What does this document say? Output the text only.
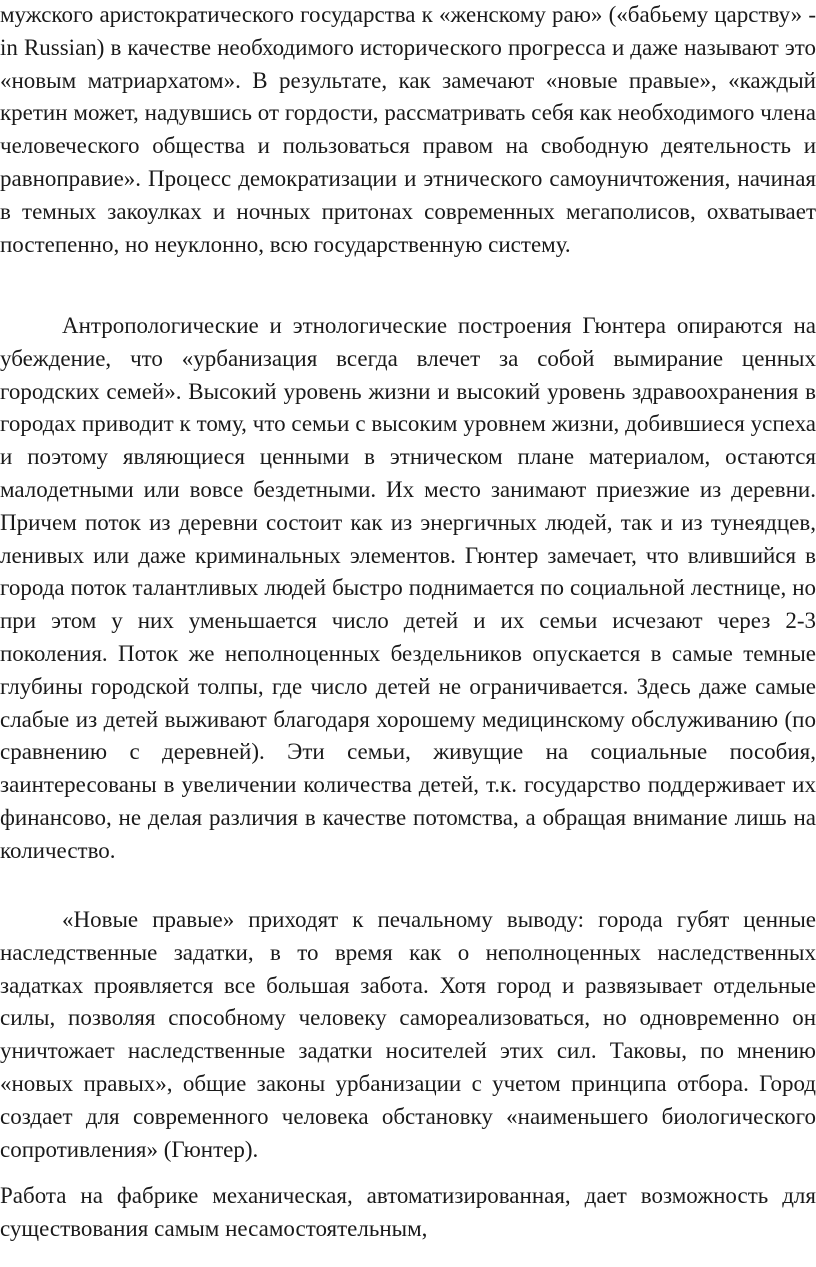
мужского аристократического государства к «женскому раю» («бабьему царству» - in Russian) в качестве необходимого исторического прогресса и даже называют это «новым матриархатом». В результате, как замечают «новые правые», «каждый кретин может, надувшись от гордости, рассматривать себя как необходимого члена человеческого общества и пользоваться правом на свободную деятельность и равноправие». Процесс демократизации и этнического самоуничтожения, начиная в темных закоулках и ночных притонах современных мегаполисов, охватывает постепенно, но неуклонно, всю государственную систему.

Антропологические и этнологические построения Гюнтера опираются на убеждение, что «урбанизация всегда влечет за собой вымирание ценных городских семей». Высокий уровень жизни и высокий уровень здравоохранения в городах приводит к тому, что семьи с высоким уровнем жизни, добившиеся успеха и поэтому являющиеся ценными в этническом плане материалом, остаются малодетными или вовсе бездетными. Их место занимают приезжие из деревни. Причем поток из деревни состоит как из энергичных людей, так и из тунеядцев, ленивых или даже криминальных элементов. Гюнтер замечает, что влившийся в города поток талантливых людей быстро поднимается по социальной лестнице, но при этом у них уменьшается число детей и их семьи исчезают через 2-3 поколения. Поток же неполноценных бездельников опускается в самые темные глубины городской толпы, где число детей не ограничивается. Здесь даже самые слабые из детей выживают благодаря хорошему медицинскому обслуживанию (по сравнению с деревней). Эти семьи, живущие на социальные пособия, заинтересованы в увеличении количества детей, т.к. государство поддерживает их финансово, не делая различия в качестве потомства, а обращая внимание лишь на количество.

«Новые правые» приходят к печальному выводу: города губят ценные наследственные задатки, в то время как о неполноценных наследственных задатках проявляется все большая забота. Хотя город и развязывает отдельные силы, позволяя способному человеку самореализоваться, но одновременно он уничтожает наследственные задатки носителей этих сил. Таковы, по мнению «новых правых», общие законы урбанизации с учетом принципа отбора. Город создает для современного человека обстановку «наименьшего биологического сопротивления» (Гюнтер).

Работа на фабрике механическая, автоматизированная, дает возможность для существования самым несамостоятельным,
